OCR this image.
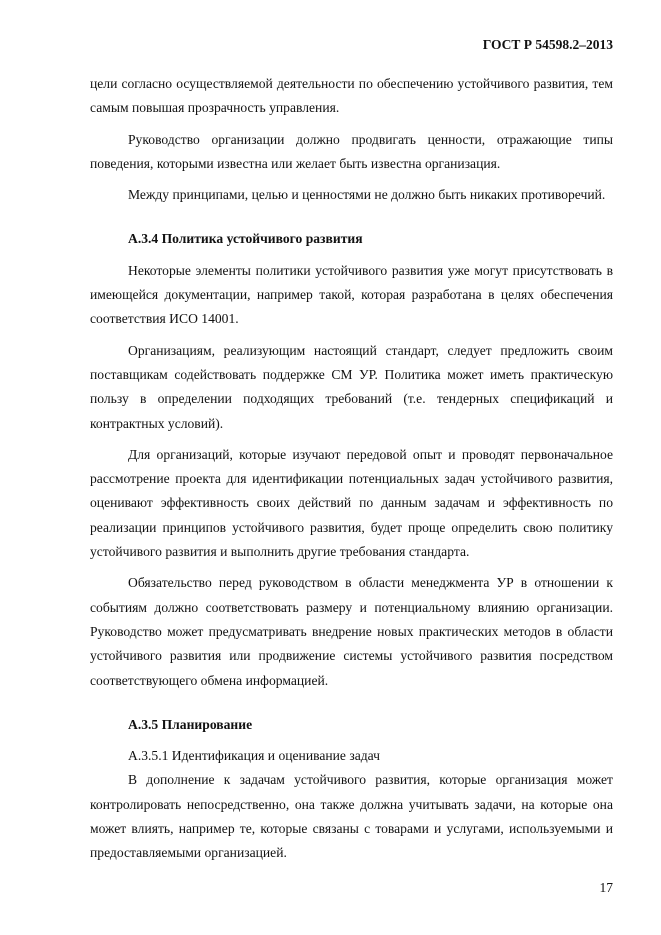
ГОСТ Р 54598.2–2013

цели согласно осуществляемой деятельности по обеспечению устойчивого развития, тем самым повышая прозрачность управления.

Руководство организации должно продвигать ценности, отражающие типы поведения, которыми известна или желает быть известна организация.

Между принципами, целью и ценностями не должно быть никаких противоречий.

А.3.4 Политика устойчивого развития

Некоторые элементы политики устойчивого развития уже могут присутствовать в имеющейся документации, например такой, которая разработана в целях обеспечения соответствия ИСО 14001.

Организациям, реализующим настоящий стандарт, следует предложить своим поставщикам содействовать поддержке СМ УР. Политика может иметь практическую пользу в определении подходящих требований (т.е. тендерных спецификаций и контрактных условий).

Для организаций, которые изучают передовой опыт и проводят первоначальное рассмотрение проекта для идентификации потенциальных задач устойчивого развития, оценивают эффективность своих действий по данным задачам и эффективность по реализации принципов устойчивого развития, будет проще определить свою политику устойчивого развития и выполнить другие требования стандарта.

Обязательство перед руководством в области менеджмента УР в отношении к событиям должно соответствовать размеру и потенциальному влиянию организации. Руководство может предусматривать внедрение новых практических методов в области устойчивого развития или продвижение системы устойчивого развития посредством соответствующего обмена информацией.

А.3.5 Планирование

А.3.5.1 Идентификация и оценивание задач

В дополнение к задачам устойчивого развития, которые организация может контролировать непосредственно, она также должна учитывать задачи, на которые она может влиять, например те, которые связаны с товарами и услугами, используемыми и предоставляемыми организацией.

17
